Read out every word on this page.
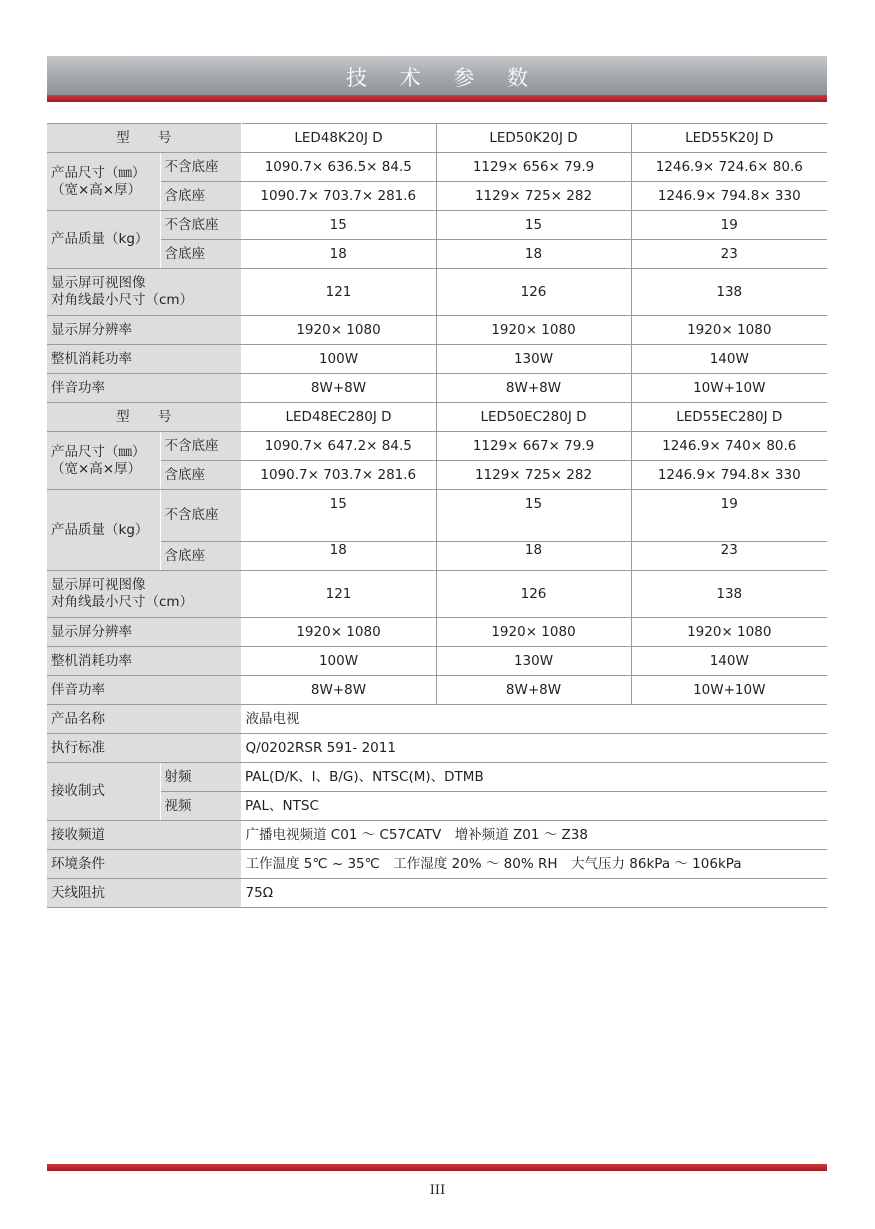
技 术 参 数
型 号		LED48K20J D	LED50K20J D	LED55K20J D
产品尺寸（㎜）
（宽×高×厚）	不含底座	1090.7× 636.5× 84.5	1129× 656× 79.9	1246.9× 724.6× 80.6
	含底座	1090.7× 703.7× 281.6	1129× 725× 282	1246.9× 794.8× 330
产品质量（kg）	不含底座	15	15	19
	含底座	18	18	23
显示屏可视图像
对角线最小尺寸（cm）		121	126	138
显示屏分辨率		1920× 1080	1920× 1080	1920× 1080
整机消耗功率		100W	130W	140W
伴音功率		8W+8W	8W+8W	10W+10W
型 号		LED48EC280J D	LED50EC280J D	LED55EC280J D
产品尺寸（㎜）
（宽×高×厚）	不含底座	1090.7× 647.2× 84.5	1129× 667× 79.9	1246.9× 740× 80.6
	含底座	1090.7× 703.7× 281.6	1129× 725× 282	1246.9× 794.8× 330
产品质量（kg）	不含底座	15	15	19
	含底座	18	18	23
显示屏可视图像
对角线最小尺寸（cm）		121	126	138
显示屏分辨率		1920× 1080	1920× 1080	1920× 1080
整机消耗功率		100W	130W	140W
伴音功率		8W+8W	8W+8W	10W+10W
产品名称		液晶电视		
执行标准		Q/0202RSR 591- 2011		
接收制式	射频	PAL(D/K、I、B/G)、NTSC(M)、DTMB		
	视频	PAL、NTSC		
接收频道		广播电视频道 C01 ～ C57CATV　增补频道 Z01 ～ Z38		
环境条件		工作温度 5℃ ~ 35℃　工作湿度 20% ～ 80% RH　大气压力 86kPa ～ 106kPa		
天线阻抗		75Ω		
III
